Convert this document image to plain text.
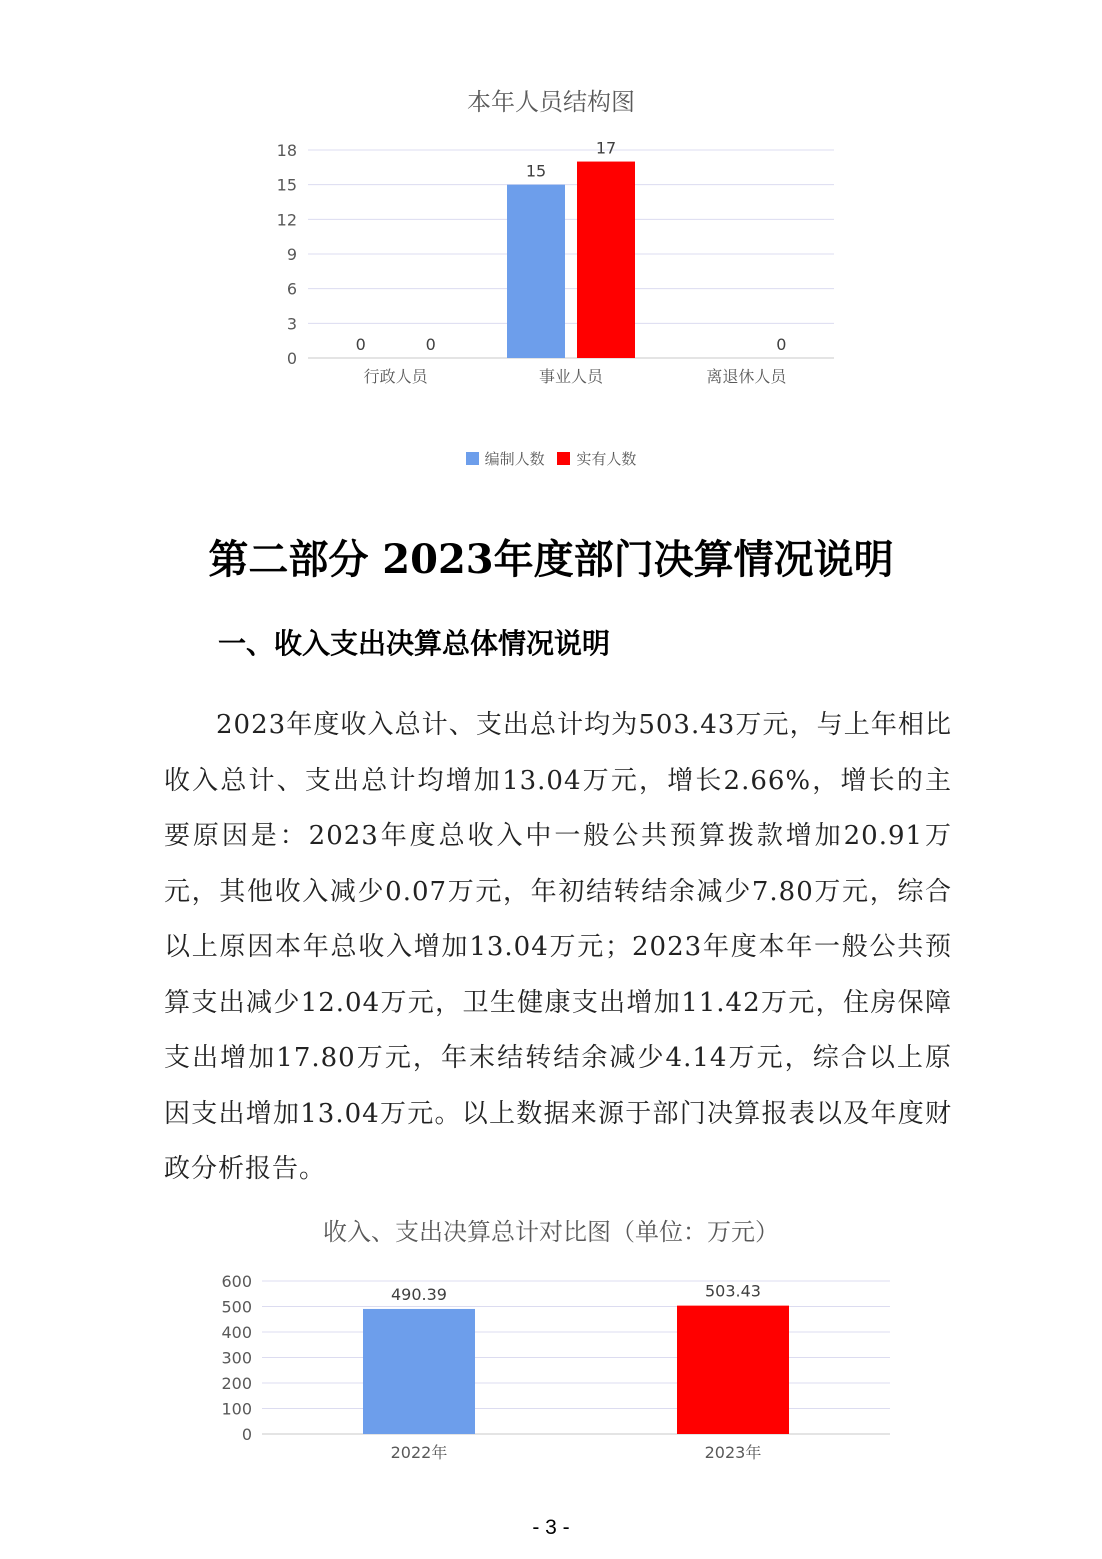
本年人员结构图
0
3
6
9
12
15
18
行政人员
0	0
事业人员
15
17
离退休人员
0
编制人数 实有人数
第二部分 2023年度部门决算情况说明
一、收入支出决算总体情况说明

2023年度收入总计、支出总计均为503.43万元，与上年相比收入总计、支出总计均增加13.04万元，增长2.66%，增长的主要原因是：2023年度总收入中一般公共预算拨款增加20.91万元，其他收入减少0.07万元，年初结转结余减少7.80万元，综合以上原因本年总收入增加13.04万元；2023年度本年一般公共预算支出减少12.04万元，卫生健康支出增加11.42万元，住房保障支出增加17.80万元，年末结转结余减少4.14万元，综合以上原因支出增加13.04万元。以上数据来源于部门决算报表以及年度财政分析报告。

收入、支出决算总计对比图（单位：万元）
0
100
200
300
400
500
600
2022年
490.39
2023年
503.43
- 3 -
